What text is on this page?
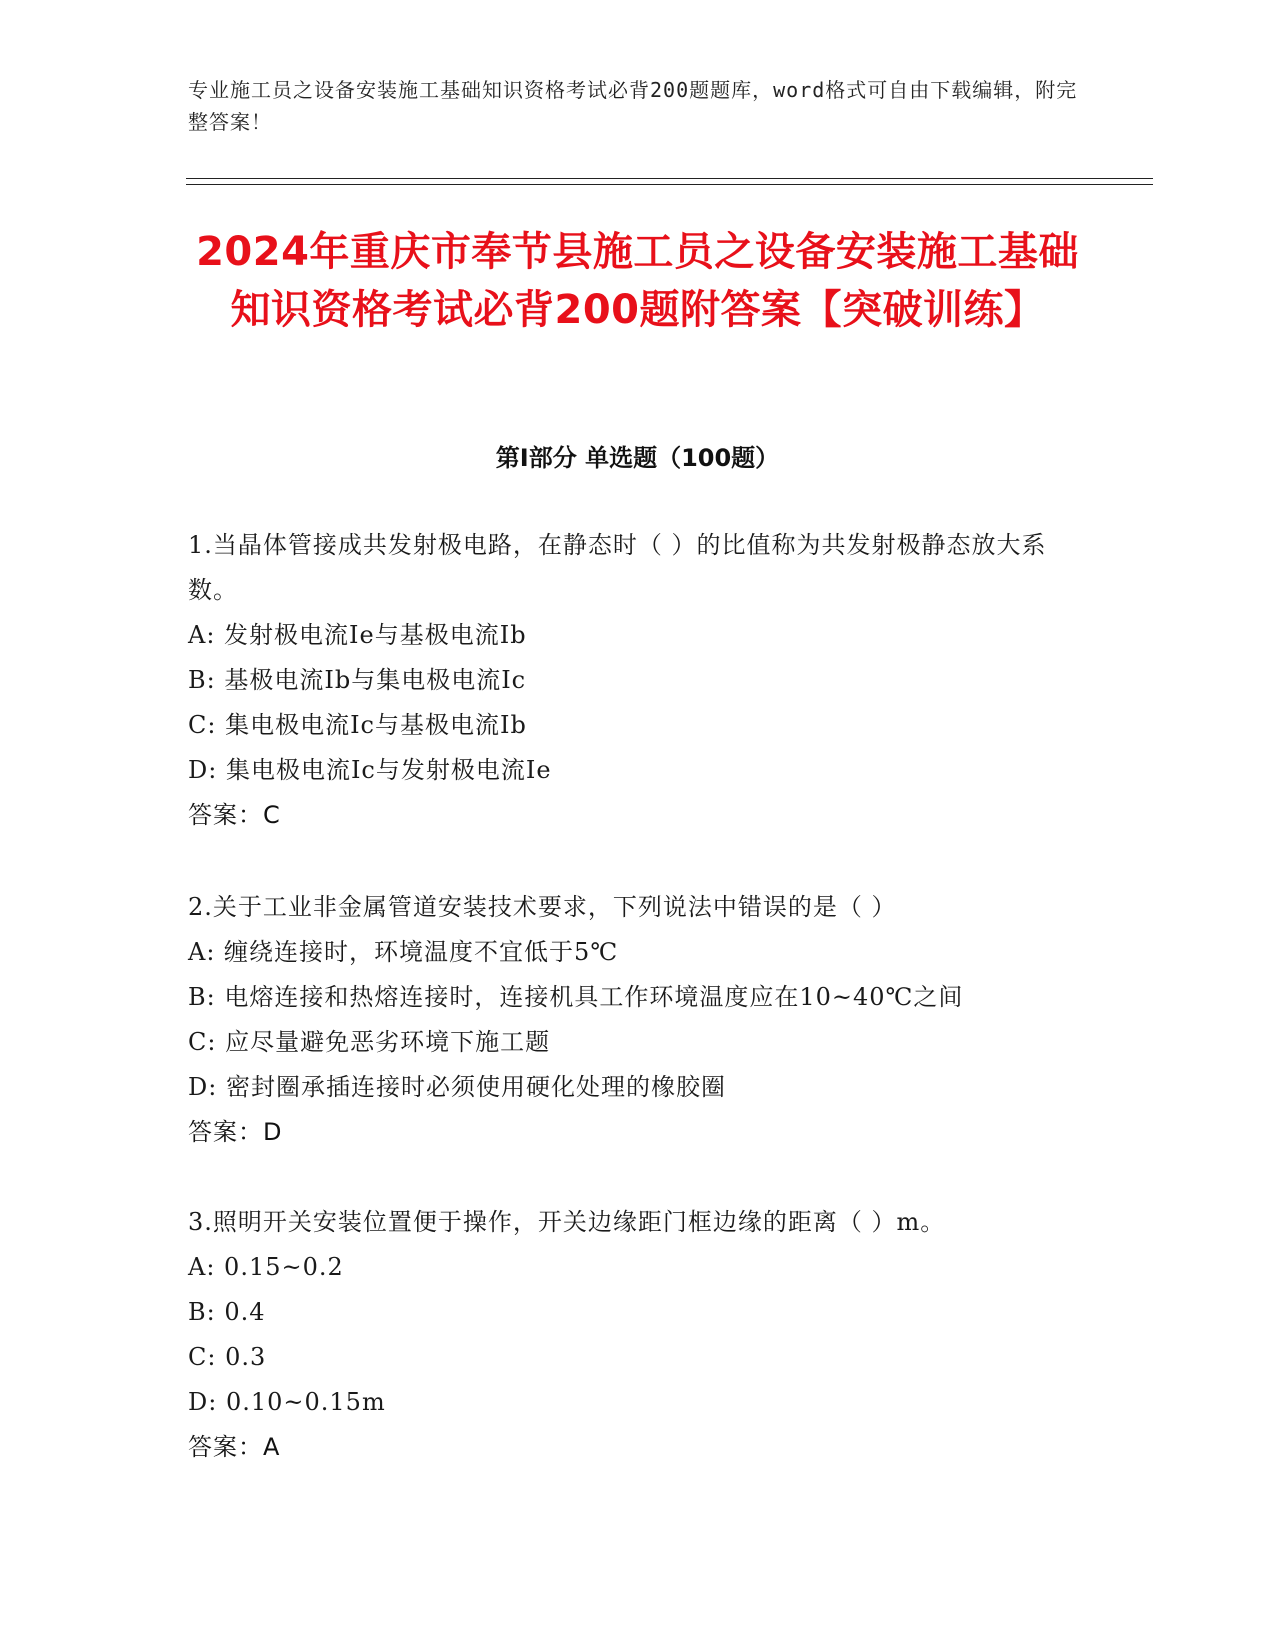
专业施工员之设备安装施工基础知识资格考试必背200题题库，word格式可自由下载编辑，附完整答案！
2024年重庆市奉节县施工员之设备安装施工基础知识资格考试必背200题附答案【突破训练】
第Ⅰ部分 单选题（100题）
1.当晶体管接成共发射极电路，在静态时（ ）的比值称为共发射极静态放大系数。
A: 发射极电流Ie与基极电流Ib
B: 基极电流Ib与集电极电流Ic
C: 集电极电流Ic与基极电流Ib
D: 集电极电流Ic与发射极电流Ie
答案：C
2.关于工业非金属管道安装技术要求，下列说法中错误的是（ ）
A: 缠绕连接时，环境温度不宜低于5℃
B: 电熔连接和热熔连接时，连接机具工作环境温度应在10~40℃之间
C: 应尽量避免恶劣环境下施工题
D: 密封圈承插连接时必须使用硬化处理的橡胶圈
答案：D
3.照明开关安装位置便于操作，开关边缘距门框边缘的距离（ ）m。
A: 0.15~0.2
B: 0.4
C: 0.3
D: 0.10~0.15m
答案：A
